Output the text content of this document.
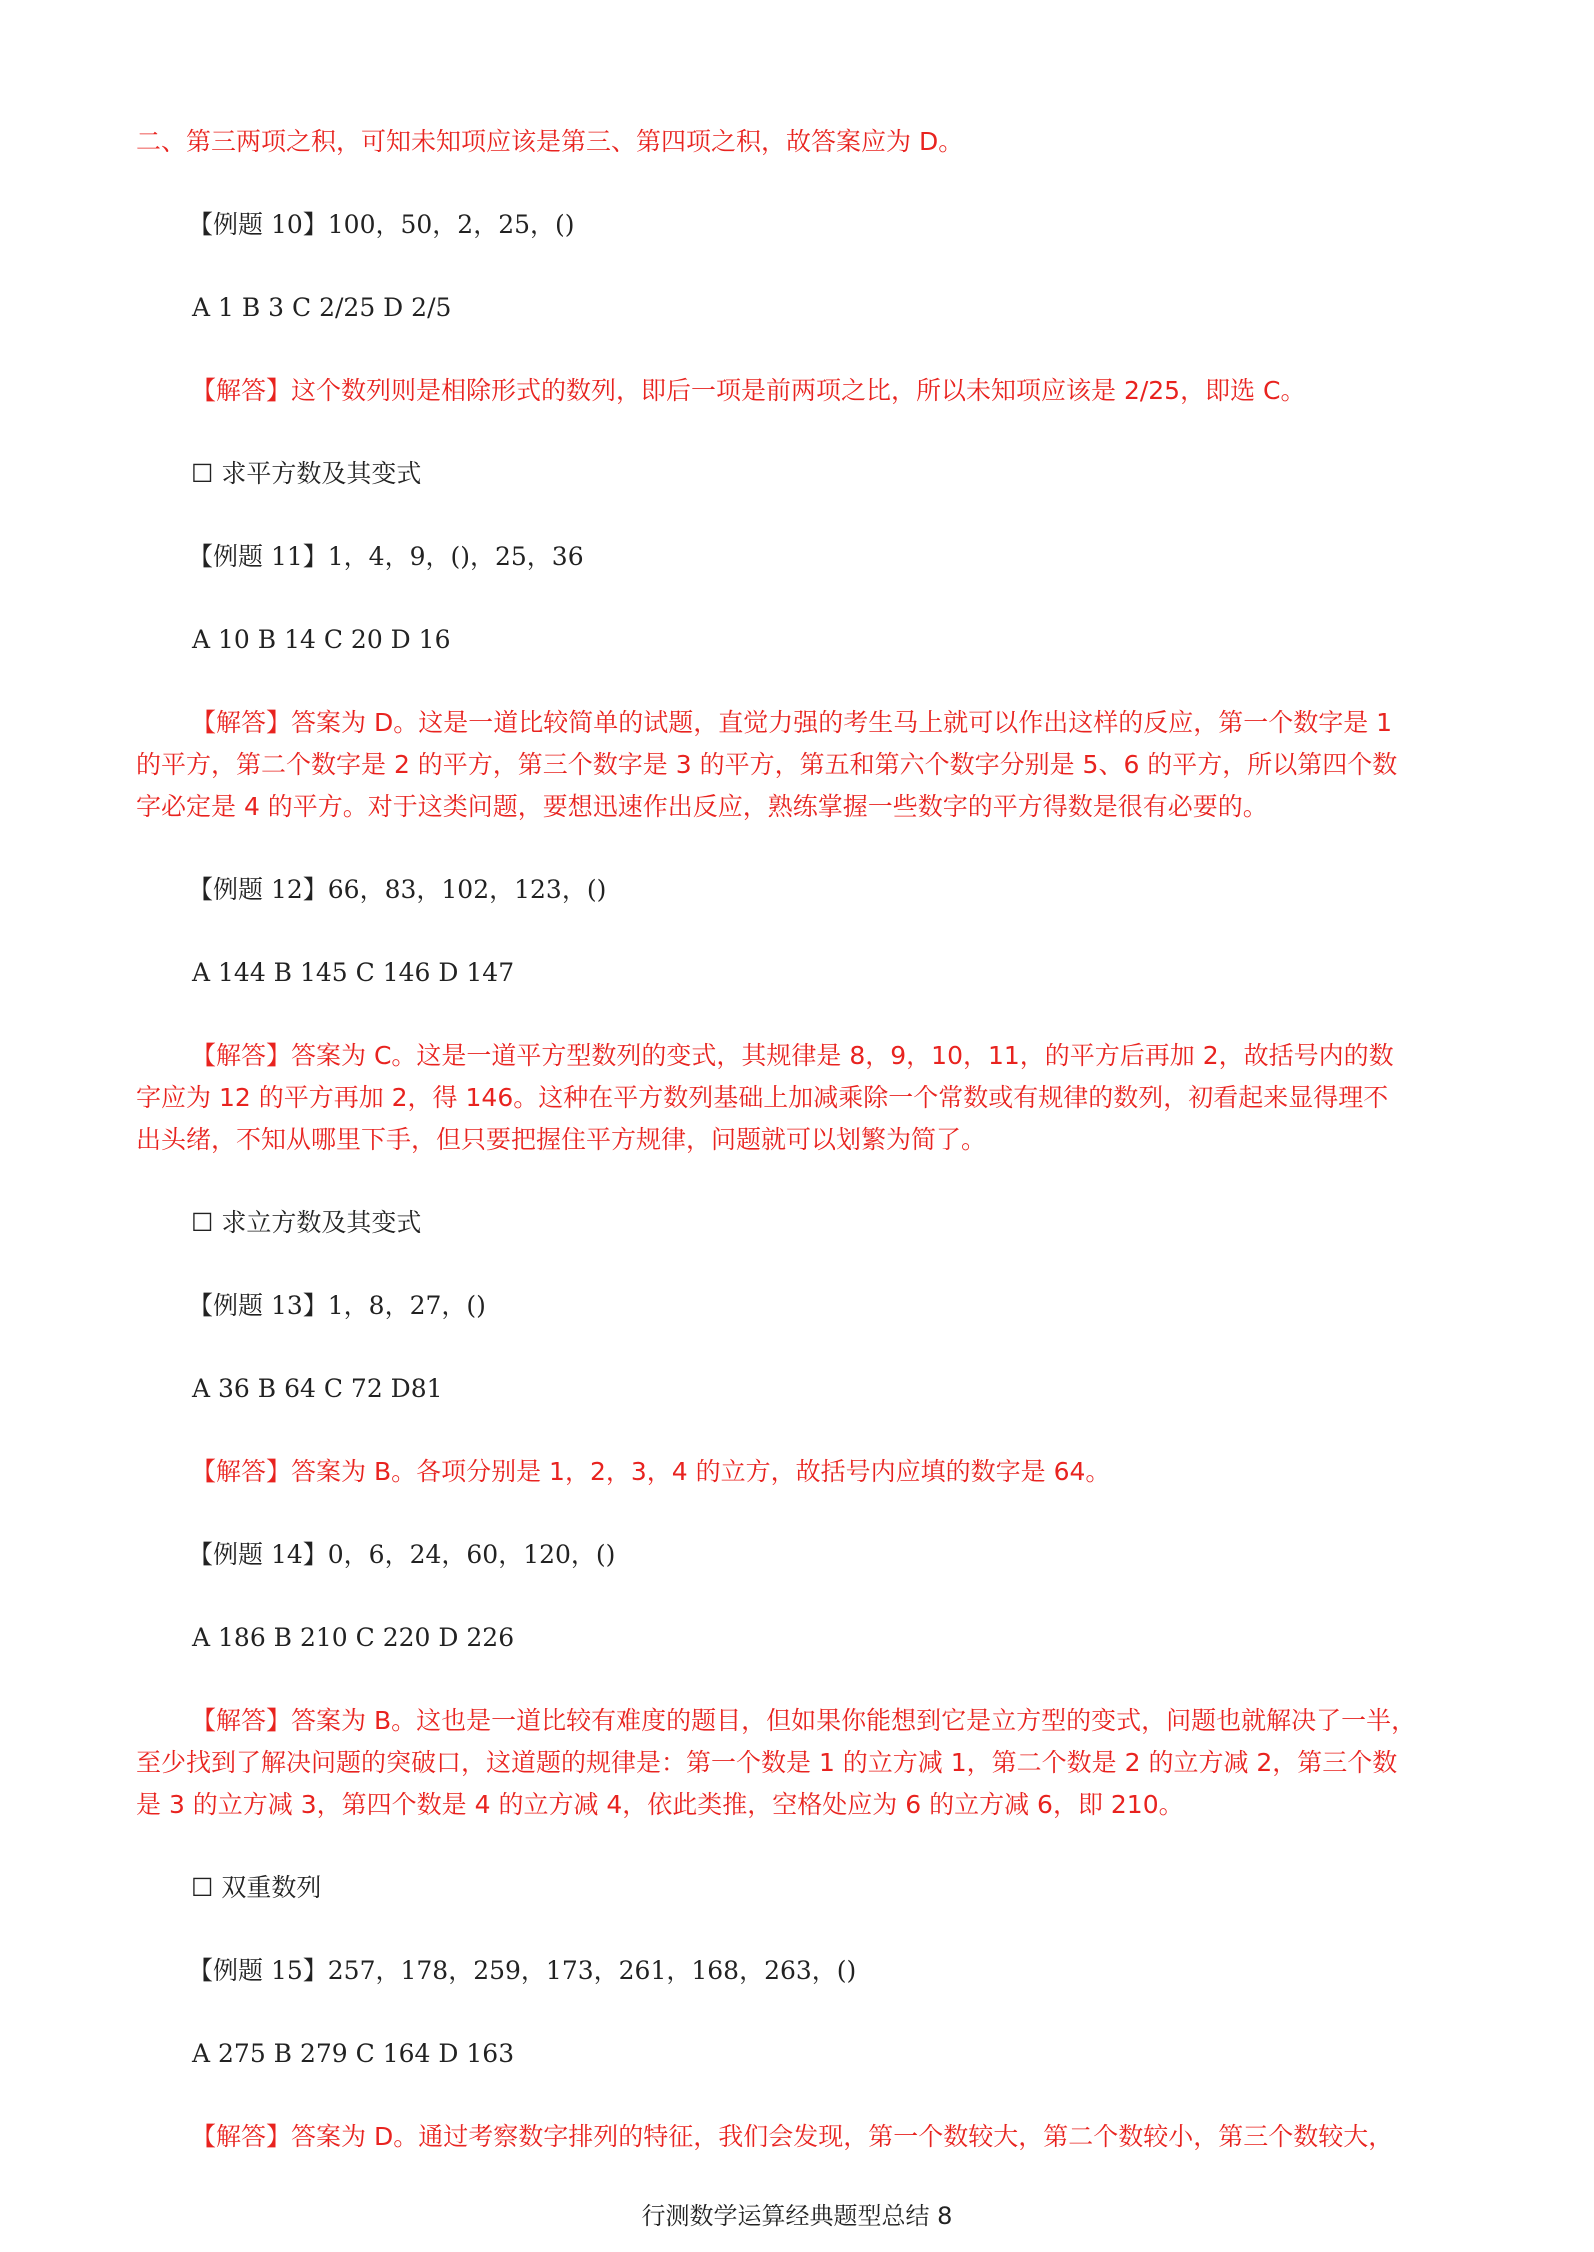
二、第三两项之积，可知未知项应该是第三、第四项之积，故答案应为 D。
【例题 10】100，50，2，25，()
A 1 B 3 C 2/25 D 2/5
【解答】这个数列则是相除形式的数列，即后一项是前两项之比，所以未知项应该是 2/25，即选 C。
☐ 求平方数及其变式
【例题 11】1，4，9，()，25，36
A 10 B 14 C 20 D 16
【解答】答案为 D。这是一道比较简单的试题，直觉力强的考生马上就可以作出这样的反应，第一个数字是 1
的平方，第二个数字是 2 的平方，第三个数字是 3 的平方，第五和第六个数字分别是 5、6 的平方，所以第四个数
字必定是 4 的平方。对于这类问题，要想迅速作出反应，熟练掌握一些数字的平方得数是很有必要的。
【例题 12】66，83，102，123，()
A 144 B 145 C 146 D 147
【解答】答案为 C。这是一道平方型数列的变式，其规律是 8，9，10，11，的平方后再加 2，故括号内的数
字应为 12 的平方再加 2，得 146。这种在平方数列基础上加减乘除一个常数或有规律的数列，初看起来显得理不
出头绪，不知从哪里下手，但只要把握住平方规律，问题就可以划繁为简了。
☐ 求立方数及其变式
【例题 13】1，8，27，()
A 36 B 64 C 72 D81
【解答】答案为 B。各项分别是 1，2，3，4 的立方，故括号内应填的数字是 64。
【例题 14】0，6，24，60，120，()
A 186 B 210 C 220 D 226
【解答】答案为 B。这也是一道比较有难度的题目，但如果你能想到它是立方型的变式，问题也就解决了一半，
至少找到了解决问题的突破口，这道题的规律是：第一个数是 1 的立方减 1，第二个数是 2 的立方减 2，第三个数
是 3 的立方减 3，第四个数是 4 的立方减 4，依此类推，空格处应为 6 的立方减 6，即 210。
☐ 双重数列
【例题 15】257，178，259，173，261，168，263，()
A 275 B 279 C 164 D 163
【解答】答案为 D。通过考察数字排列的特征，我们会发现，第一个数较大，第二个数较小，第三个数较大，
行测数学运算经典题型总结 8
